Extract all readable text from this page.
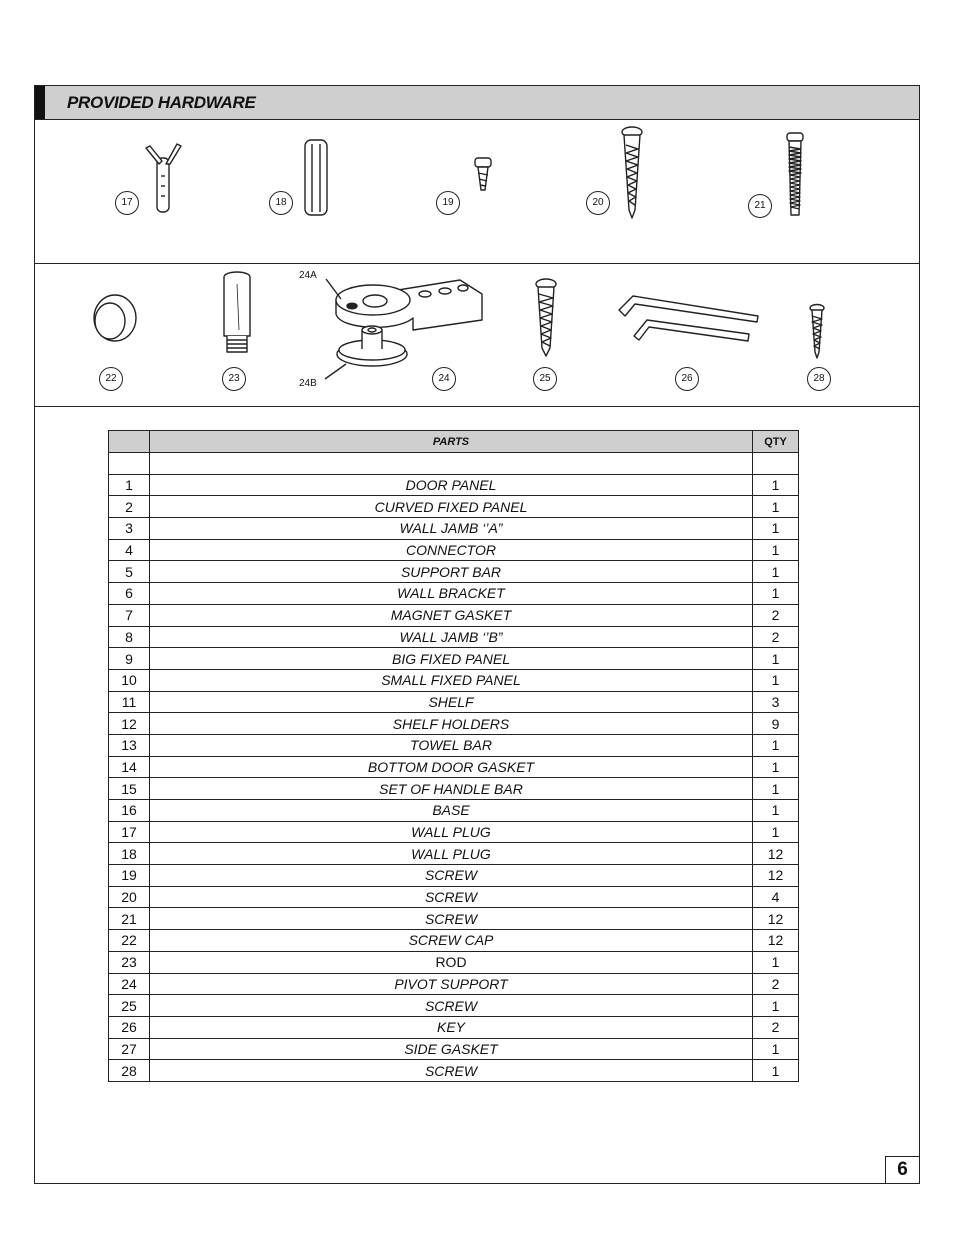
PROVIDED HARDWARE
17	18	19	20	21
24A
24B
22	23	24	25	26	28
	PARTS	QTY

1	DOOR PANEL	1
2	CURVED FIXED PANEL	1
3	WALL JAMB ‘’A”	1
4	CONNECTOR	1
5	SUPPORT BAR	1
6	WALL BRACKET	1
7	MAGNET GASKET	2
8	WALL JAMB ‘’B”	2
9	BIG FIXED PANEL	1
10	SMALL FIXED PANEL	1
11	SHELF	3
12	SHELF HOLDERS	9
13	TOWEL BAR	1
14	BOTTOM DOOR GASKET	1
15	SET OF HANDLE BAR	1
16	BASE	1
17	WALL PLUG	1
18	WALL PLUG	12
19	SCREW	12
20	SCREW	4
21	SCREW	12
22	SCREW CAP	12
23	ROD	1
24	PIVOT SUPPORT	2
25	SCREW	1
26	KEY	2
27	SIDE GASKET	1
28	SCREW	1
6
